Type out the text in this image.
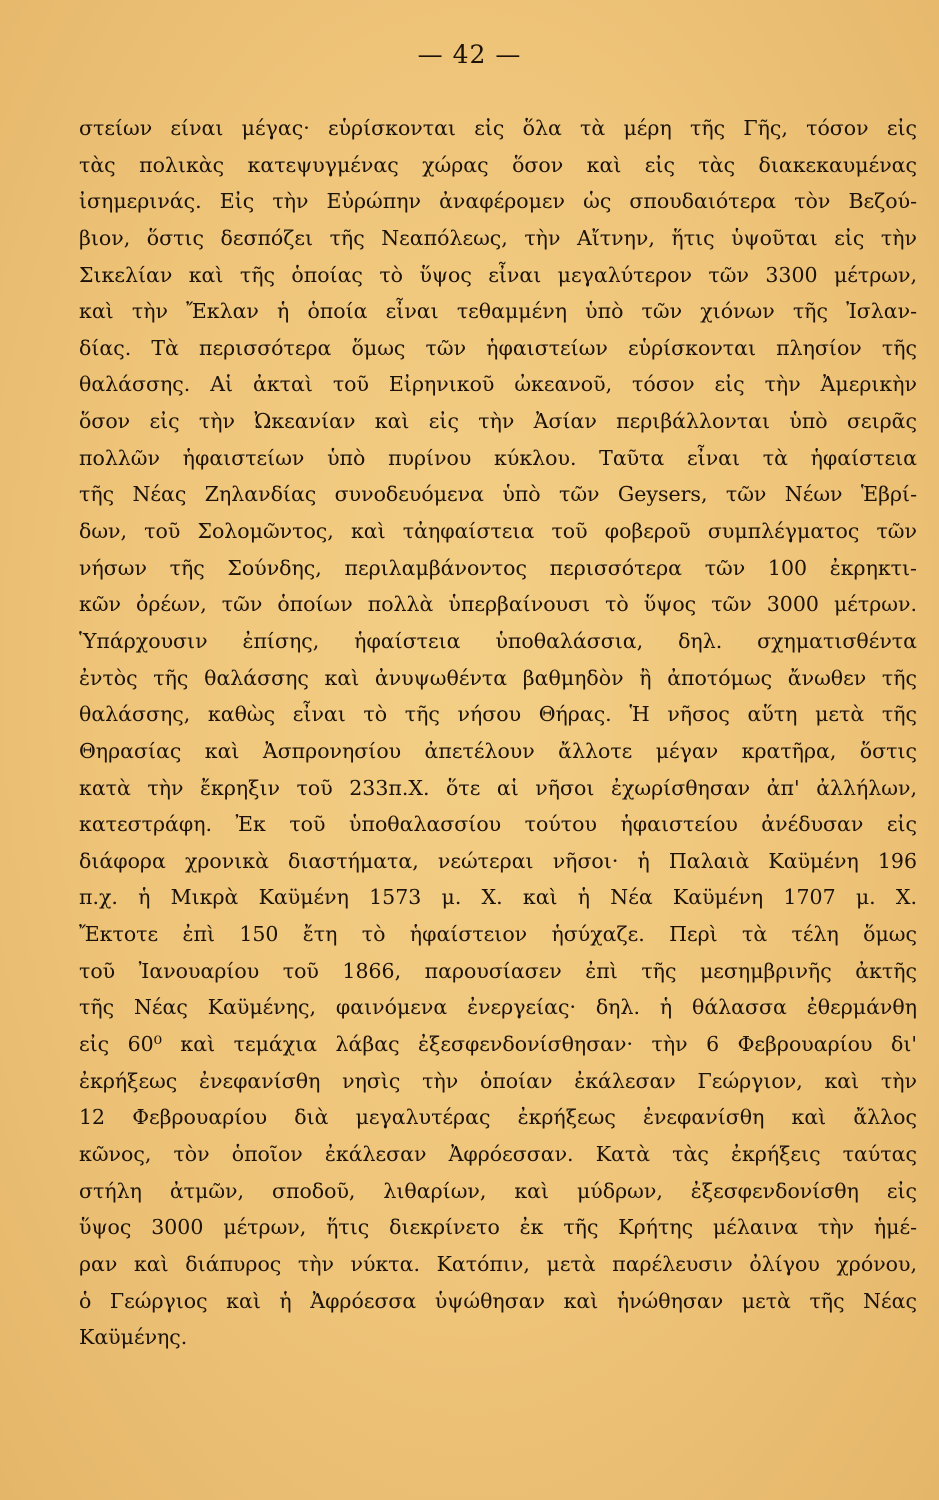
— 42 —
στείων είναι μέγας· εὑρίσκονται εἰς ὅλα τὰ μέρη τῆς Γῆς, τόσον εἰς
τὰς πολικὰς κατεψυγμένας χώρας ὅσον καὶ εἰς τὰς διακεκαυμένας
ἰσημερινάς. Εἰς τὴν Εὐρώπην ἀναφέρομεν ὡς σπουδαιότερα τὸν Βεζού-
βιον, ὅστις δεσπόζει τῆς Νεαπόλεως, τὴν Αἴτνην, ἥτις ὑψοῦται εἰς τὴν
Σικελίαν καὶ τῆς ὁποίας τὸ ὕψος εἶναι μεγαλύτερον τῶν 3300 μέτρων,
καὶ τὴν Ἔκλαν ἡ ὁποία εἶναι τεθαμμένη ὑπὸ τῶν χιόνων τῆς Ἰσλαν-
δίας. Τὰ περισσότερα ὅμως τῶν ἡφαιστείων εὑρίσκονται πλησίον τῆς
θαλάσσης. Αἱ ἀκταὶ τοῦ Εἰρηνικοῦ ὠκεανοῦ, τόσον εἰς τὴν Ἀμερικὴν
ὅσον εἰς τὴν Ὠκεανίαν καὶ εἰς τὴν Ἀσίαν περιβάλλονται ὑπὸ σειρᾶς
πολλῶν ἡφαιστείων ὑπὸ πυρίνου κύκλου. Ταῦτα εἶναι τὰ ἡφαίστεια
τῆς Νέας Ζηλανδίας συνοδευόμενα ὑπὸ τῶν Geysers, τῶν Νέων Ἑβρί-
δων, τοῦ Σολομῶντος, καὶ τἀηφαίστεια τοῦ φοβεροῦ συμπλέγματος τῶν
νήσων τῆς Σούνδης, περιλαμβάνοντος περισσότερα τῶν 100 ἐκρηκτι-
κῶν ὀρέων, τῶν ὁποίων πολλὰ ὑπερβαίνουσι τὸ ὕψος τῶν 3000 μέτρων.
Ὑπάρχουσιν ἐπίσης, ἡφαίστεια ὑποθαλάσσια, δηλ. σχηματισθέντα
ἐντὸς τῆς θαλάσσης καὶ ἀνυψωθέντα βαθμηδὸν ἢ ἀποτόμως ἄνωθεν τῆς
θαλάσσης, καθὼς εἶναι τὸ τῆς νήσου Θήρας. Ἡ νῆσος αὕτη μετὰ τῆς
Θηρασίας καὶ Ἀσπρονησίου ἀπετέλουν ἄλλοτε μέγαν κρατῆρα, ὅστις
κατὰ τὴν ἔκρηξιν τοῦ 233π.Χ. ὅτε αἱ νῆσοι ἐχωρίσθησαν ἀπ' ἀλλήλων,
κατεστράφη. Ἐκ τοῦ ὑποθαλασσίου τούτου ἡφαιστείου ἀνέδυσαν εἰς
διάφορα χρονικὰ διαστήματα, νεώτεραι νῆσοι· ἡ Παλαιὰ Καϋμένη 196
π.χ. ἡ Μικρὰ Καϋμένη 1573 μ. Χ. καὶ ἡ Νέα Καϋμένη 1707 μ. Χ.
Ἔκτοτε ἐπὶ 150 ἔτη τὸ ἡφαίστειον ἡσύχαζε. Περὶ τὰ τέλη ὅμως
τοῦ Ἰανουαρίου τοῦ 1866, παρουσίασεν ἐπὶ τῆς μεσημβρινῆς ἀκτῆς
τῆς Νέας Καϋμένης, φαινόμενα ἐνεργείας· δηλ. ἡ θάλασσα ἐθερμάνθη
εἰς 60⁰ καὶ τεμάχια λάβας ἐξεσφενδονίσθησαν· τὴν 6 Φεβρουαρίου δι'
ἐκρήξεως ἐνεφανίσθη νησὶς τὴν ὁποίαν ἐκάλεσαν Γεώργιον, καὶ τὴν
12 Φεβρουαρίου διὰ μεγαλυτέρας ἐκρήξεως ἐνεφανίσθη καὶ ἄλλος
κῶνος, τὸν ὁποῖον ἐκάλεσαν Ἀφρόεσσαν. Κατὰ τὰς ἐκρήξεις ταύτας
στήλη ἀτμῶν, σποδοῦ, λιθαρίων, καὶ μύδρων, ἐξεσφενδονίσθη εἰς
ὕψος 3000 μέτρων, ἥτις διεκρίνετο ἐκ τῆς Κρήτης μέλαινα τὴν ἡμέ-
ραν καὶ διάπυρος τὴν νύκτα. Κατόπιν, μετὰ παρέλευσιν ὀλίγου χρόνου,
ὁ Γεώργιος καὶ ἡ Ἀφρόεσσα ὑψώθησαν καὶ ἡνώθησαν μετὰ τῆς Νέας
Καϋμένης.
